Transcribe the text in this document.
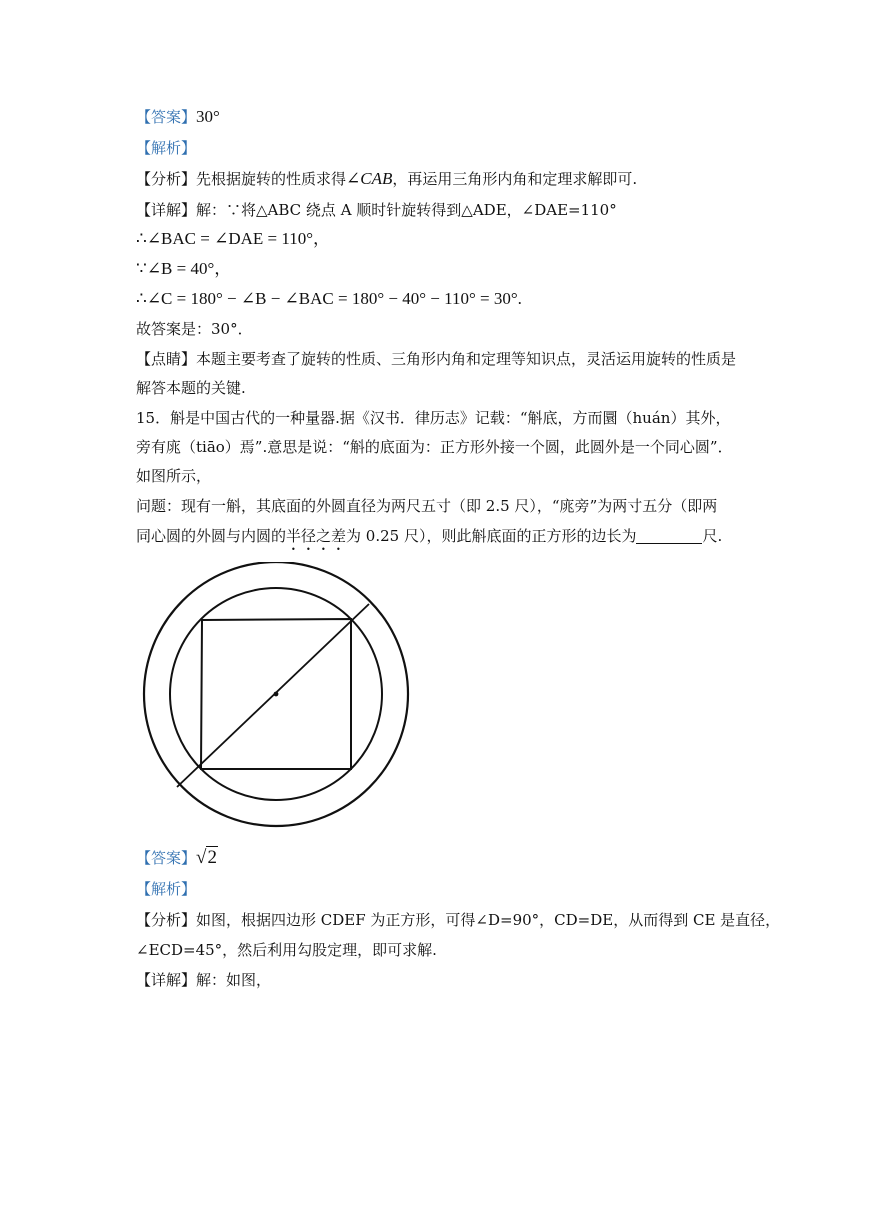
【答案】30°
【解析】
【分析】先根据旋转的性质求得∠CAB，再运用三角形内角和定理求解即可.
【详解】解：∵将△ABC 绕点 A 顺时针旋转得到△ADE，∠DAE=110°
∴∠BAC = ∠DAE = 110°，
∵∠B = 40°，
∴∠C = 180° − ∠B − ∠BAC = 180° − 40° − 110° = 30°.
故答案是：30°．
【点睛】本题主要考查了旋转的性质、三角形内角和定理等知识点，灵活运用旋转的性质是
解答本题的关键.
15．斛是中国古代的一种量器.据《汉书．律历志》记载：“斛底，方而圜（huán）其外，
旁有庣（tiāo）焉”.意思是说：“斛的底面为：正方形外接一个圆，此圆外是一个同心圆”．
如图所示，
问题：现有一斛，其底面的外圆直径为两尺五寸（即 2.5 尺），“庣旁”为两寸五分（即两
同心圆的外圆与内圆的半径之差为 0.25 尺），则此斛底面的正方形的边长为	尺.
【答案】√2
【解析】
【分析】如图，根据四边形 CDEF 为正方形，可得∠D=90°，CD=DE，从而得到 CE 是直径，
∠ECD=45°，然后利用勾股定理，即可求解.
【详解】解：如图，
